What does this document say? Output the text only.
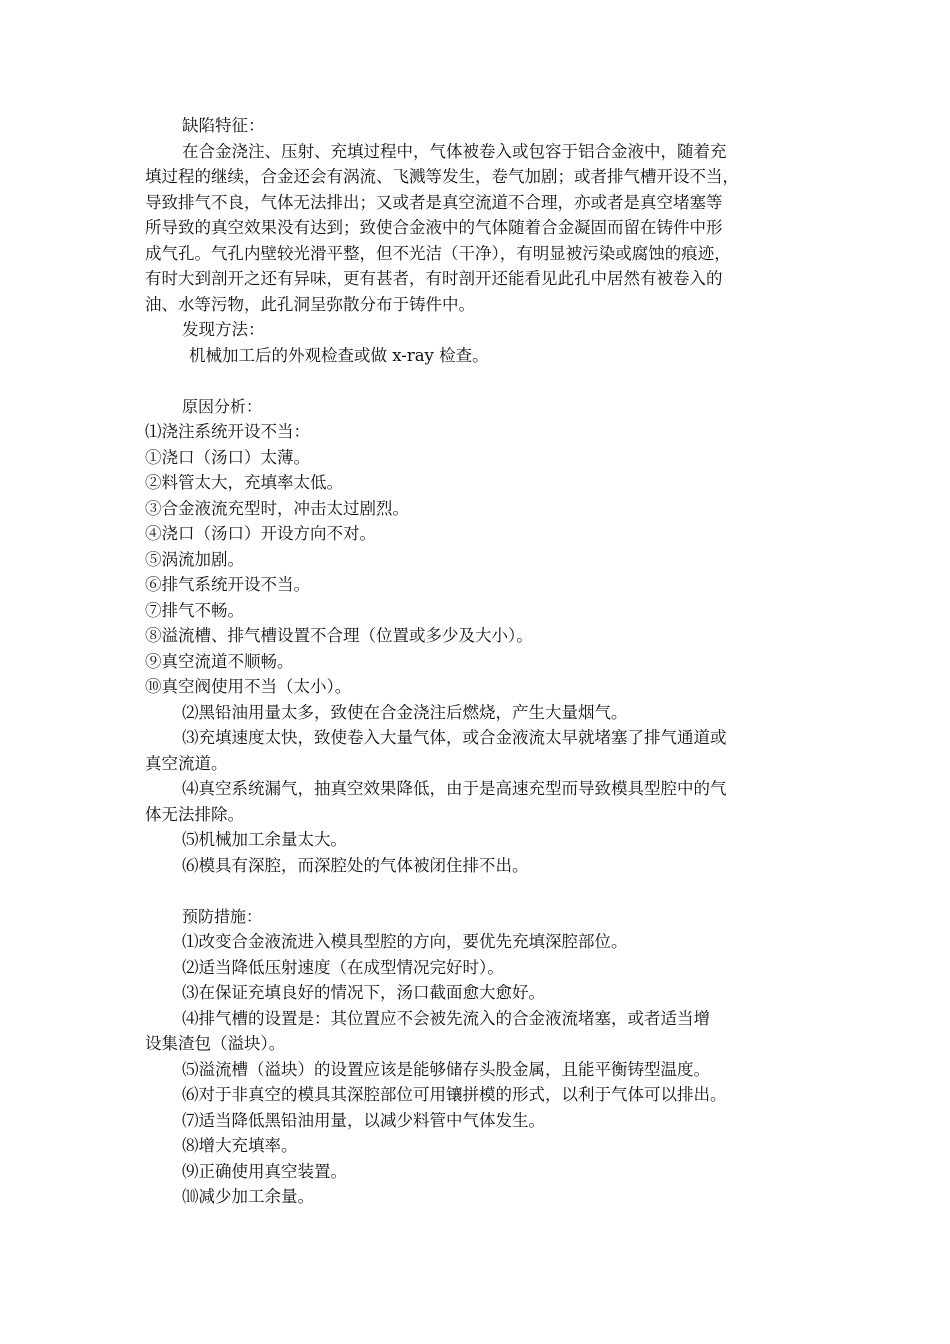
缺陷特征：
在合金浇注、压射、充填过程中，气体被卷入或包容于铝合金液中，随着充
填过程的继续，合金还会有涡流、飞溅等发生，卷气加剧；或者排气槽开设不当，
导致排气不良，气体无法排出；又或者是真空流道不合理，亦或者是真空堵塞等
所导致的真空效果没有达到；致使合金液中的气体随着合金凝固而留在铸件中形
成气孔。气孔内壁较光滑平整，但不光洁（干净），有明显被污染或腐蚀的痕迹，
有时大到剖开之还有异味，更有甚者，有时剖开还能看见此孔中居然有被卷入的
油、水等污物，此孔洞呈弥散分布于铸件中。
发现方法：
机械加工后的外观检查或做 x-ray 检查。
原因分析：
⑴浇注系统开设不当：
①浇口（汤口）太薄。
②料管太大，充填率太低。
③合金液流充型时，冲击太过剧烈。
④浇口（汤口）开设方向不对。
⑤涡流加剧。
⑥排气系统开设不当。
⑦排气不畅。
⑧溢流槽、排气槽设置不合理（位置或多少及大小）。
⑨真空流道不顺畅。
⑩真空阀使用不当（太小）。
⑵黑铅油用量太多，致使在合金浇注后燃烧，产生大量烟气。
⑶充填速度太快，致使卷入大量气体，或合金液流太早就堵塞了排气通道或
真空流道。
⑷真空系统漏气，抽真空效果降低，由于是高速充型而导致模具型腔中的气
体无法排除。
⑸机械加工余量太大。
⑹模具有深腔，而深腔处的气体被闭住排不出。
预防措施：
⑴改变合金液流进入模具型腔的方向，要优先充填深腔部位。
⑵适当降低压射速度（在成型情况完好时）。
⑶在保证充填良好的情况下，汤口截面愈大愈好。
⑷排气槽的设置是：其位置应不会被先流入的合金液流堵塞，或者适当增
设集渣包（溢块）。
⑸溢流槽（溢块）的设置应该是能够储存头股金属，且能平衡铸型温度。
⑹对于非真空的模具其深腔部位可用镶拼模的形式，以利于气体可以排出。
⑺适当降低黑铅油用量，以减少料管中气体发生。
⑻增大充填率。
⑼正确使用真空装置。
⑽减少加工余量。
